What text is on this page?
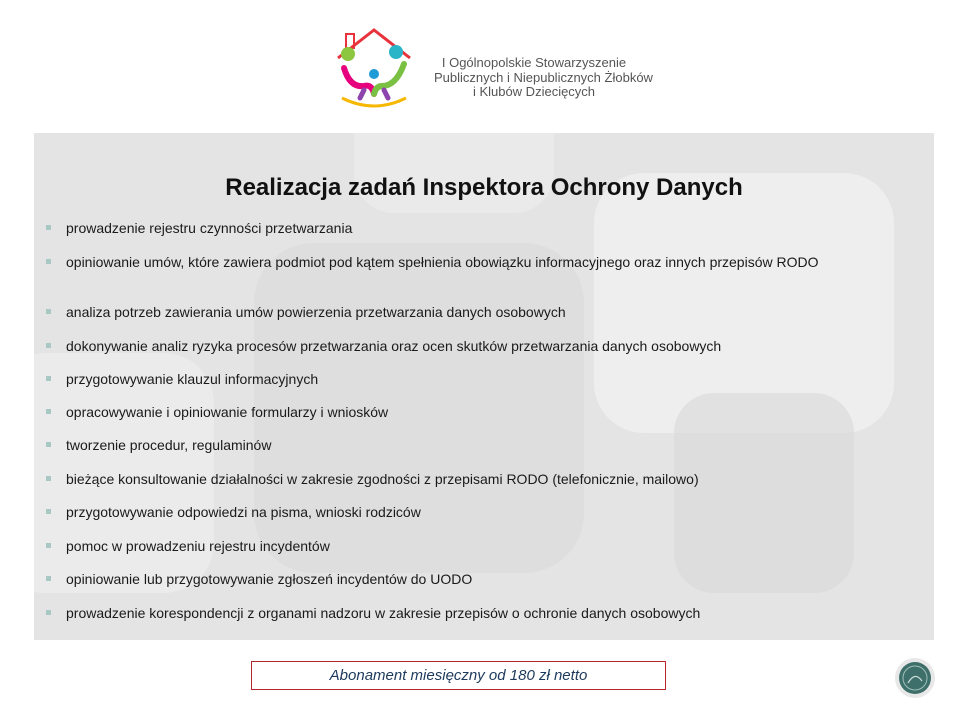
I Ogólnopolskie Stowarzyszenie
Publicznych i Niepublicznych Żłobków
i Klubów Dziecięcych
Realizacja zadań Inspektora Ochrony Danych
prowadzenie rejestru czynności przetwarzania
opiniowanie umów, które zawiera podmiot pod kątem spełnienia obowiązku informacyjnego oraz innych przepisów RODO
analiza potrzeb zawierania umów powierzenia przetwarzania danych osobowych
dokonywanie analiz ryzyka procesów przetwarzania oraz ocen skutków przetwarzania danych osobowych
przygotowywanie klauzul informacyjnych
opracowywanie i opiniowanie formularzy i wniosków
tworzenie procedur, regulaminów
bieżące konsultowanie działalności w zakresie zgodności z przepisami RODO (telefonicznie, mailowo)
przygotowywanie odpowiedzi na pisma, wnioski rodziców
pomoc w prowadzeniu rejestru incydentów
opiniowanie lub przygotowywanie zgłoszeń incydentów do UODO
prowadzenie korespondencji z organami nadzoru w zakresie przepisów o ochronie danych osobowych
Abonament miesięczny od 180 zł netto
